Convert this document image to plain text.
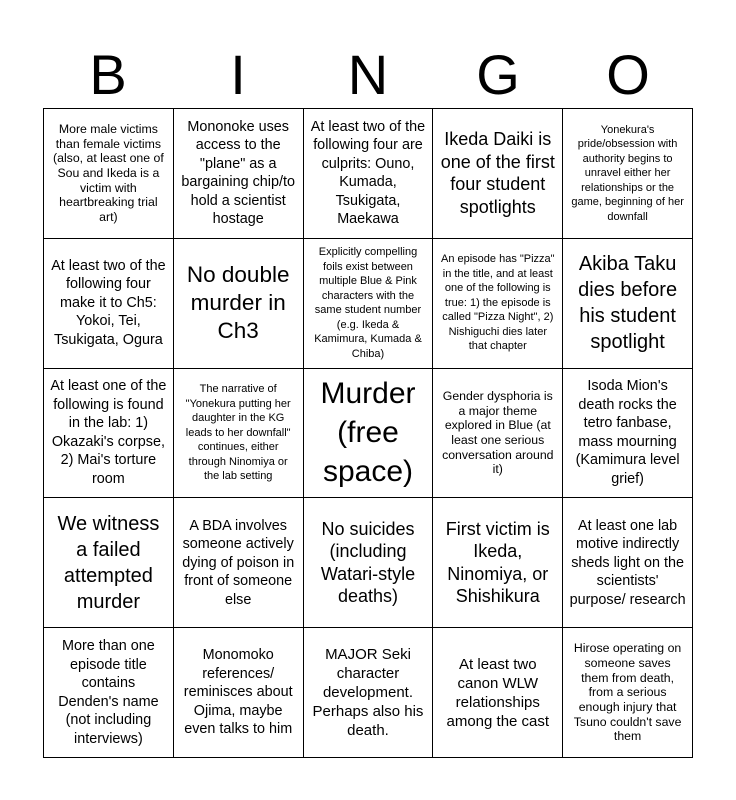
B	I	N	G	O
More male victims than female victims (also, at least one of Sou and Ikeda is a victim with heartbreaking trial art)
Mononoke uses access to the "plane" as a bargaining chip/to hold a scientist hostage
At least two of the following four are culprits: Ouno, Kumada, Tsukigata, Maekawa
Ikeda Daiki is one of the first four student spotlights
Yonekura's pride/obsession with authority begins to unravel either her relationships or the game, beginning of her downfall
At least two of the following four make it to Ch5: Yokoi, Tei, Tsukigata, Ogura
No double murder in Ch3
Explicitly compelling foils exist between multiple Blue & Pink characters with the same student number (e.g. Ikeda & Kamimura, Kumada & Chiba)
An episode has "Pizza" in the title, and at least one of the following is true: 1) the episode is called "Pizza Night", 2) Nishiguchi dies later that chapter
Akiba Taku dies before his student spotlight
At least one of the following is found in the lab: 1) Okazaki's corpse, 2) Mai's torture room
The narrative of "Yonekura putting her daughter in the KG leads to her downfall" continues, either through Ninomiya or the lab setting
Murder (free space)
Gender dysphoria is a major theme explored in Blue (at least one serious conversation around it)
Isoda Mion's death rocks the tetro fanbase, mass mourning (Kamimura level grief)
We witness a failed attempted murder
A BDA involves someone actively dying of poison in front of someone else
No suicides (including Watari-style deaths)
First victim is Ikeda, Ninomiya, or Shishikura
At least one lab motive indirectly sheds light on the scientists' purpose/ research
More than one episode title contains Denden's name (not including interviews)
Monomoko references/ reminisces about Ojima, maybe even talks to him
MAJOR Seki character development. Perhaps also his death.
At least two canon WLW relationships among the cast
Hirose operating on someone saves them from death, from a serious enough injury that Tsuno couldn't save them
